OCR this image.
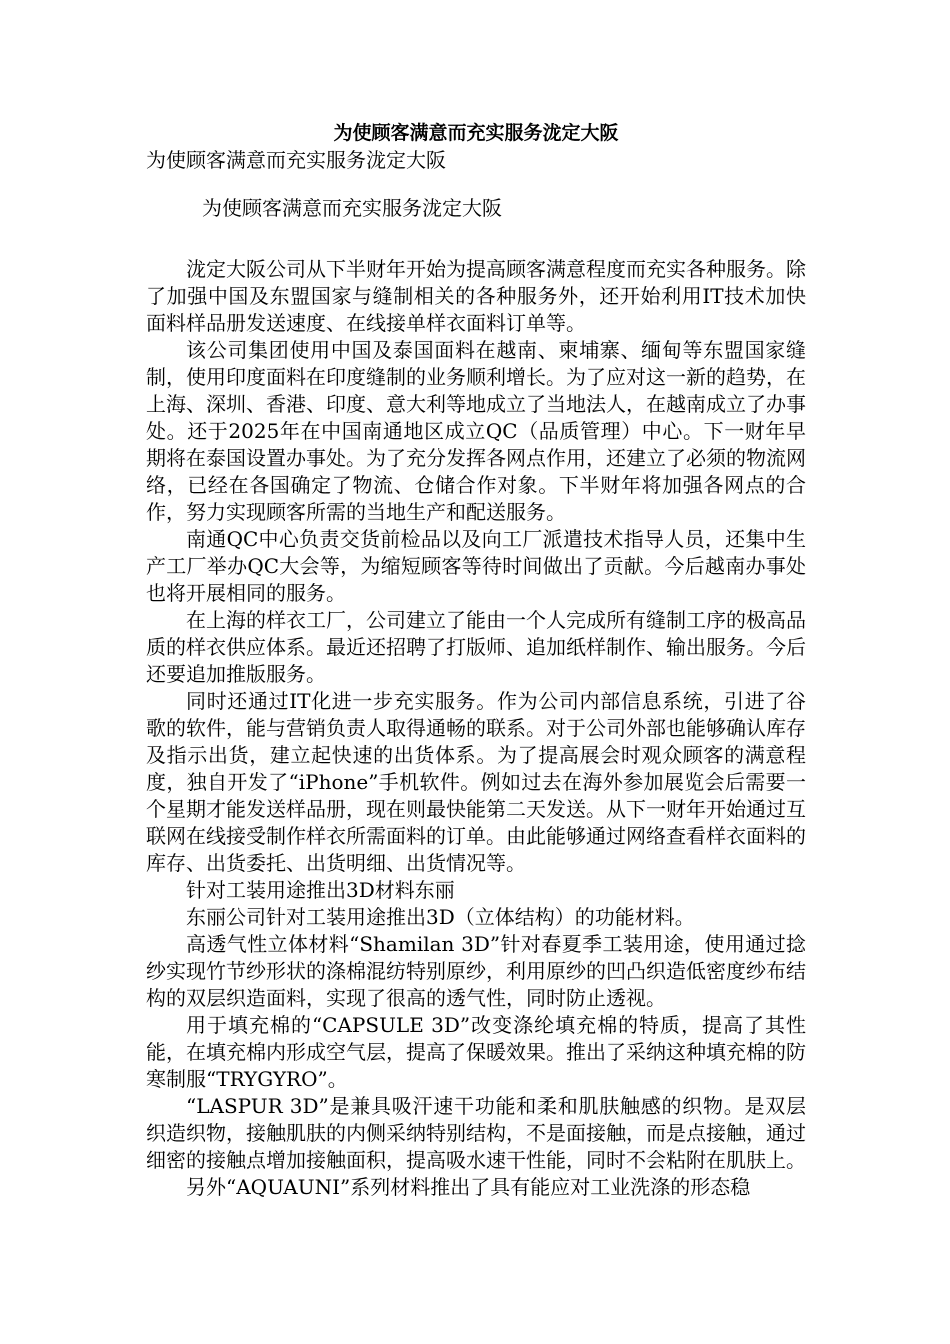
为使顾客满意而充实服务泷定大阪

为使顾客满意而充实服务泷定大阪

为使顾客满意而充实服务泷定大阪

泷定大阪公司从下半财年开始为提高顾客满意程度而充实各种服务。除了加强中国及东盟国家与缝制相关的各种服务外，还开始利用IT技术加快面料样品册发送速度、在线接单样衣面料订单等。

该公司集团使用中国及泰国面料在越南、柬埔寨、缅甸等东盟国家缝制，使用印度面料在印度缝制的业务顺利增长。为了应对这一新的趋势，在上海、深圳、香港、印度、意大利等地成立了当地法人，在越南成立了办事处。还于2025年在中国南通地区成立QC（品质管理）中心。下一财年早期将在泰国设置办事处。为了充分发挥各网点作用，还建立了必须的物流网络，已经在各国确定了物流、仓储合作对象。下半财年将加强各网点的合作，努力实现顾客所需的当地生产和配送服务。

南通QC中心负责交货前检品以及向工厂派遣技术指导人员，还集中生产工厂举办QC大会等，为缩短顾客等待时间做出了贡献。今后越南办事处也将开展相同的服务。

在上海的样衣工厂，公司建立了能由一个人完成所有缝制工序的极高品质的样衣供应体系。最近还招聘了打版师、追加纸样制作、输出服务。今后还要追加推版服务。

同时还通过IT化进一步充实服务。作为公司内部信息系统，引进了谷歌的软件，能与营销负责人取得通畅的联系。对于公司外部也能够确认库存及指示出货，建立起快速的出货体系。为了提高展会时观众顾客的满意程度，独自开发了“iPhone”手机软件。例如过去在海外参加展览会后需要一个星期才能发送样品册，现在则最快能第二天发送。从下一财年开始通过互联网在线接受制作样衣所需面料的订单。由此能够通过网络查看样衣面料的库存、出货委托、出货明细、出货情况等。

针对工装用途推出3D材料东丽

东丽公司针对工装用途推出3D（立体结构）的功能材料。

高透气性立体材料“Shamilan 3D”针对春夏季工装用途，使用通过捻纱实现竹节纱形状的涤棉混纺特别原纱，利用原纱的凹凸织造低密度纱布结构的双层织造面料，实现了很高的透气性，同时防止透视。

用于填充棉的“CAPSULE 3D”改变涤纶填充棉的特质，提高了其性能，在填充棉内形成空气层，提高了保暖效果。推出了采纳这种填充棉的防寒制服“TRYGYRO”。

“LASPUR 3D”是兼具吸汗速干功能和柔和肌肤触感的织物。是双层织造织物，接触肌肤的内侧采纳特别结构，不是面接触，而是点接触，通过细密的接触点增加接触面积，提高吸水速干性能，同时不会粘附在肌肤上。

另外“AQUAUNI”系列材料推出了具有能应对工业洗涤的形态稳
